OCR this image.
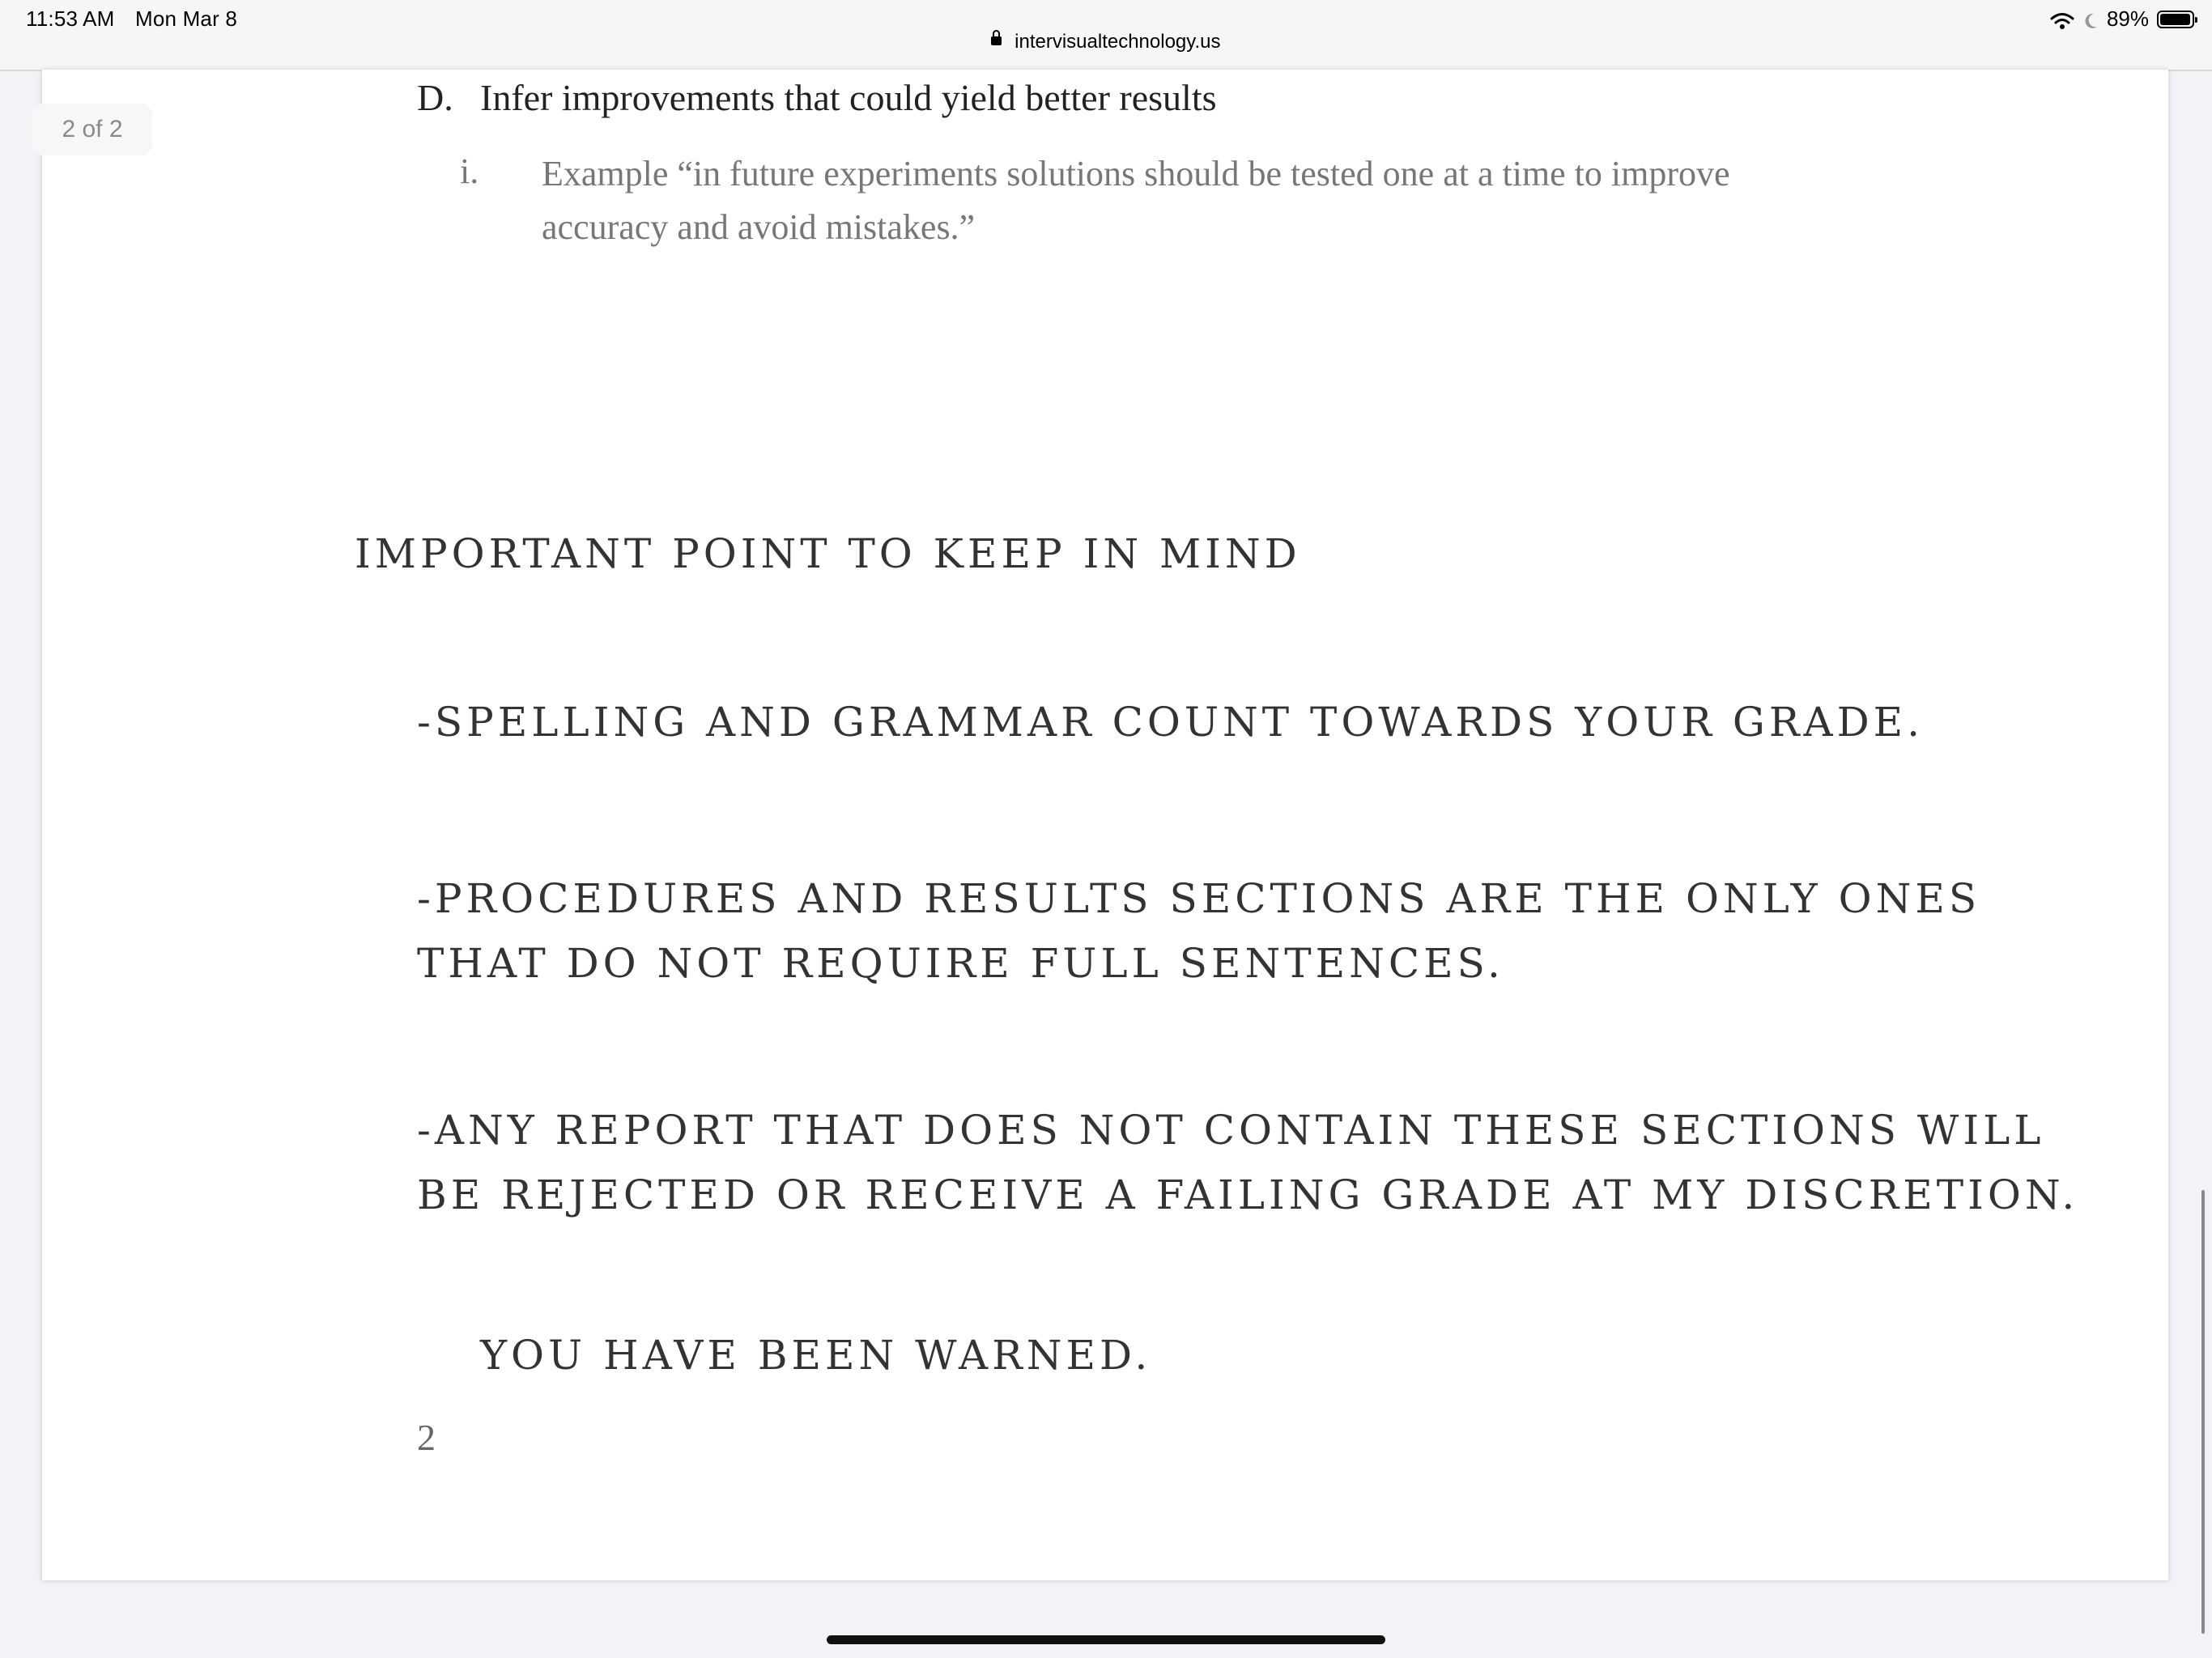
11:53 AM Mon Mar 8
intervisualtechnology.us
89%
2 of 2
D. Infer improvements that could yield better results
i. Example “in future experiments solutions should be tested one at a time to improve accuracy and avoid mistakes.”
IMPORTANT POINT TO KEEP IN MIND
-SPELLING AND GRAMMAR COUNT TOWARDS YOUR GRADE.
-PROCEDURES AND RESULTS SECTIONS ARE THE ONLY ONES THAT DO NOT REQUIRE FULL SENTENCES.
-ANY REPORT THAT DOES NOT CONTAIN THESE SECTIONS WILL BE REJECTED OR RECEIVE A FAILING GRADE AT MY DISCRETION.
YOU HAVE BEEN WARNED.
2
